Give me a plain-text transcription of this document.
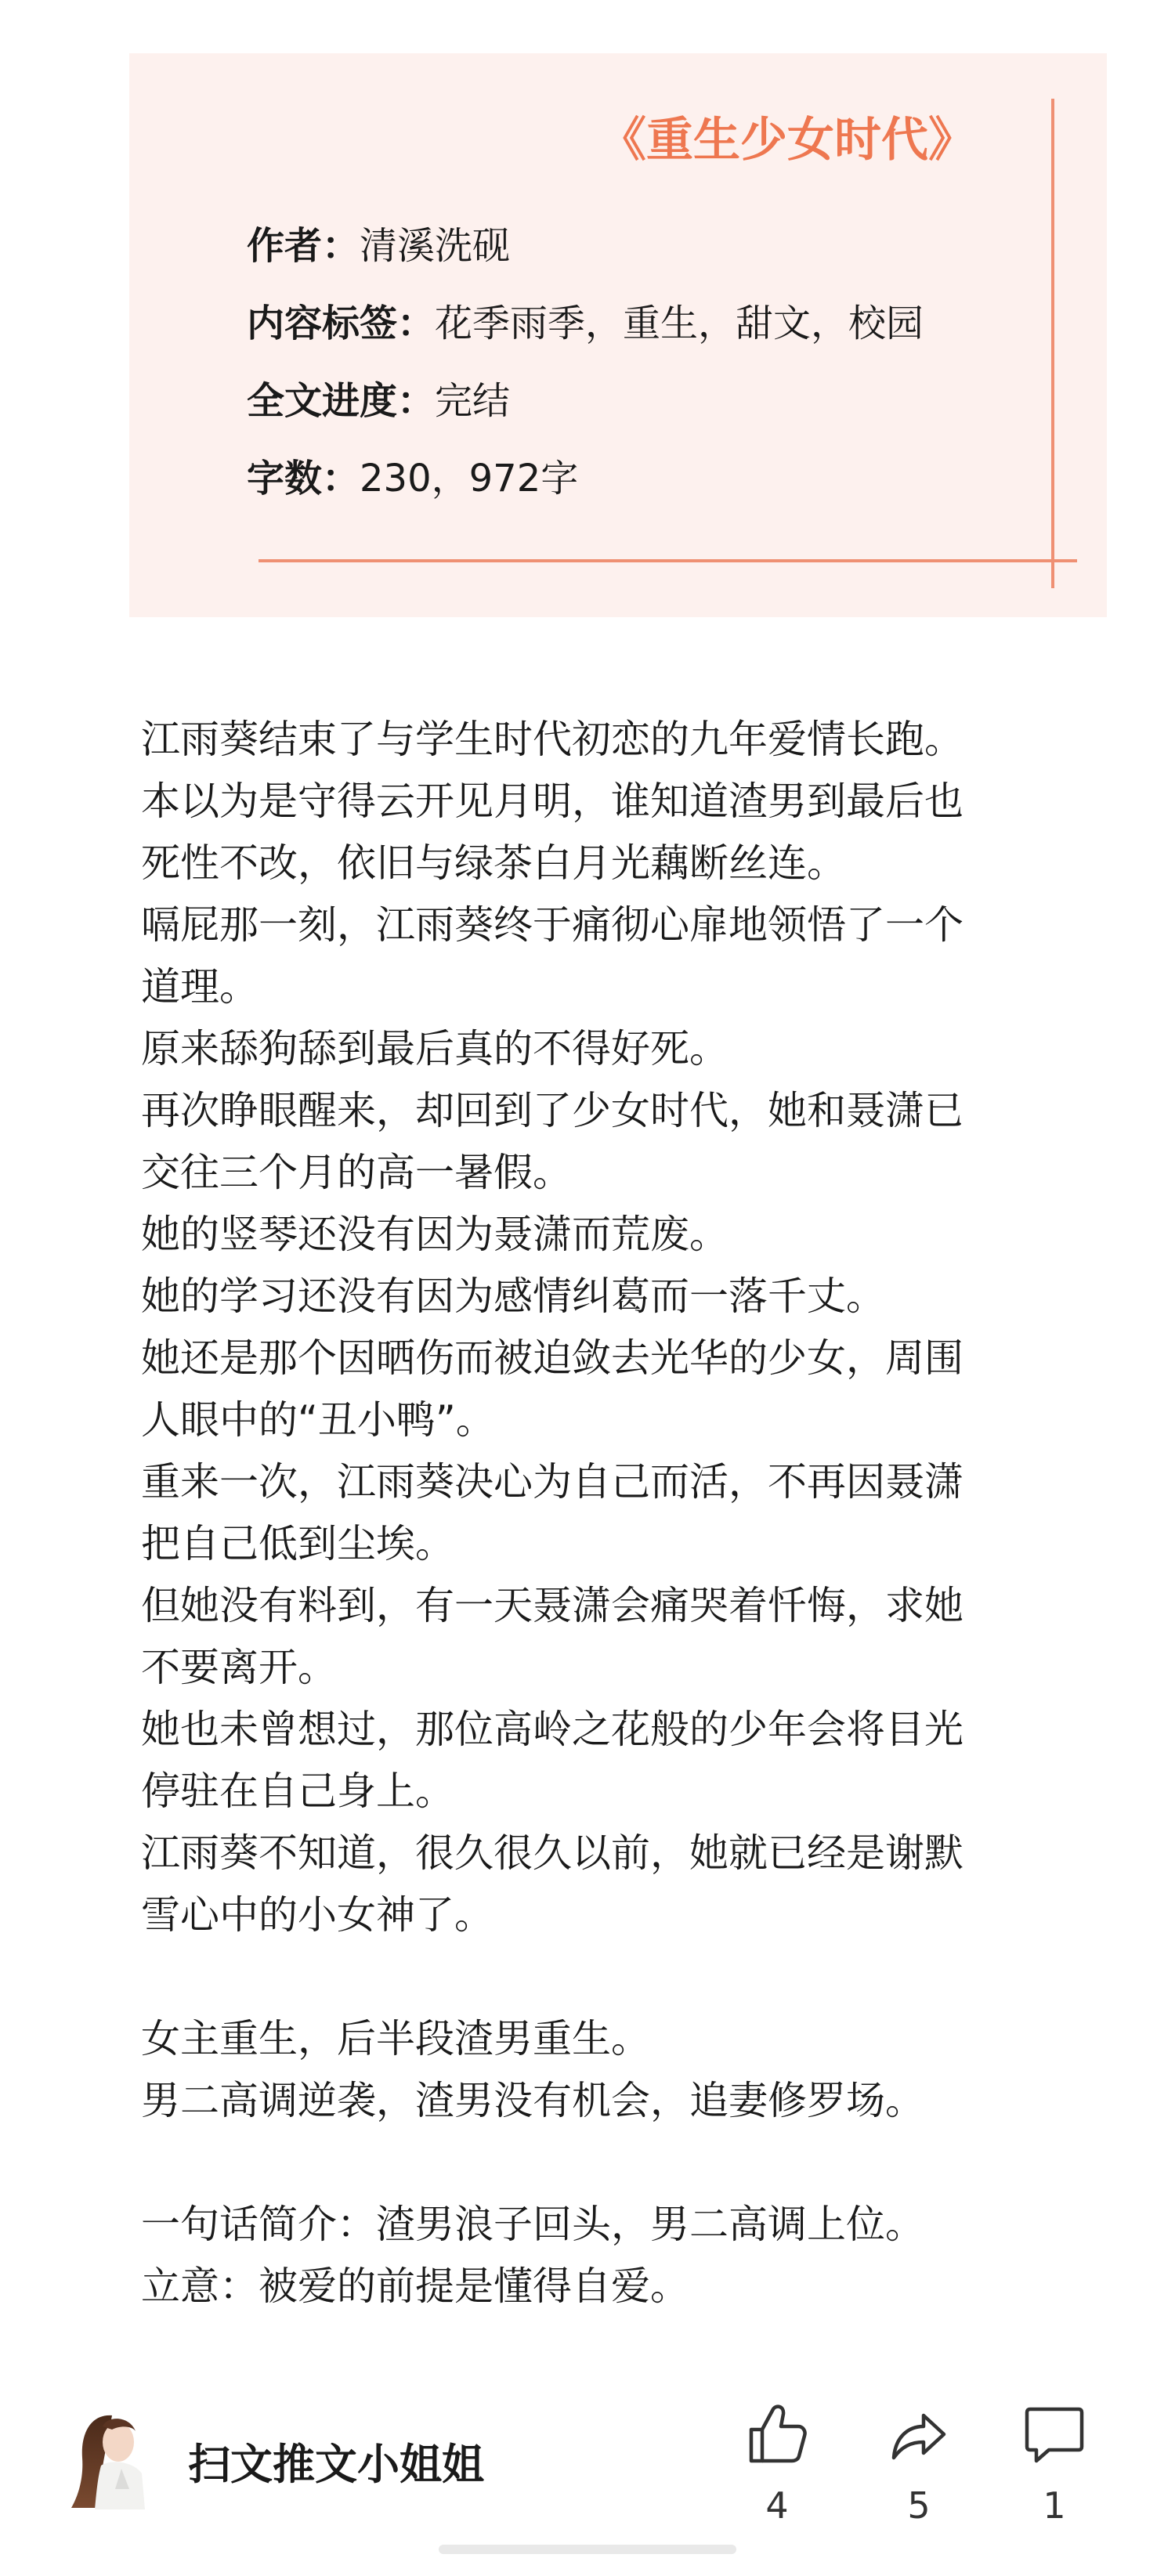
《重生少女时代》
作者：清溪洗砚
内容标签：花季雨季，重生，甜文，校园
全文进度：完结
字数：230，972字
江雨葵结束了与学生时代初恋的九年爱情长跑。
本以为是守得云开见月明，谁知道渣男到最后也
死性不改，依旧与绿茶白月光藕断丝连。
嗝屁那一刻，江雨葵终于痛彻心扉地领悟了一个
道理。
原来舔狗舔到最后真的不得好死。
再次睁眼醒来，却回到了少女时代，她和聂潇已
交往三个月的高一暑假。
她的竖琴还没有因为聂潇而荒废。
她的学习还没有因为感情纠葛而一落千丈。
她还是那个因晒伤而被迫敛去光华的少女，周围
人眼中的“丑小鸭”。
重来一次，江雨葵决心为自己而活，不再因聂潇
把自己低到尘埃。
但她没有料到，有一天聂潇会痛哭着忏悔，求她
不要离开。
她也未曾想过，那位高岭之花般的少年会将目光
停驻在自己身上。
江雨葵不知道，很久很久以前，她就已经是谢默
雪心中的小女神了。
女主重生，后半段渣男重生。
男二高调逆袭，渣男没有机会，追妻修罗场。
一句话简介：渣男浪子回头，男二高调上位。
立意：被爱的前提是懂得自爱。
扫文推文小姐姐
4	5	1
